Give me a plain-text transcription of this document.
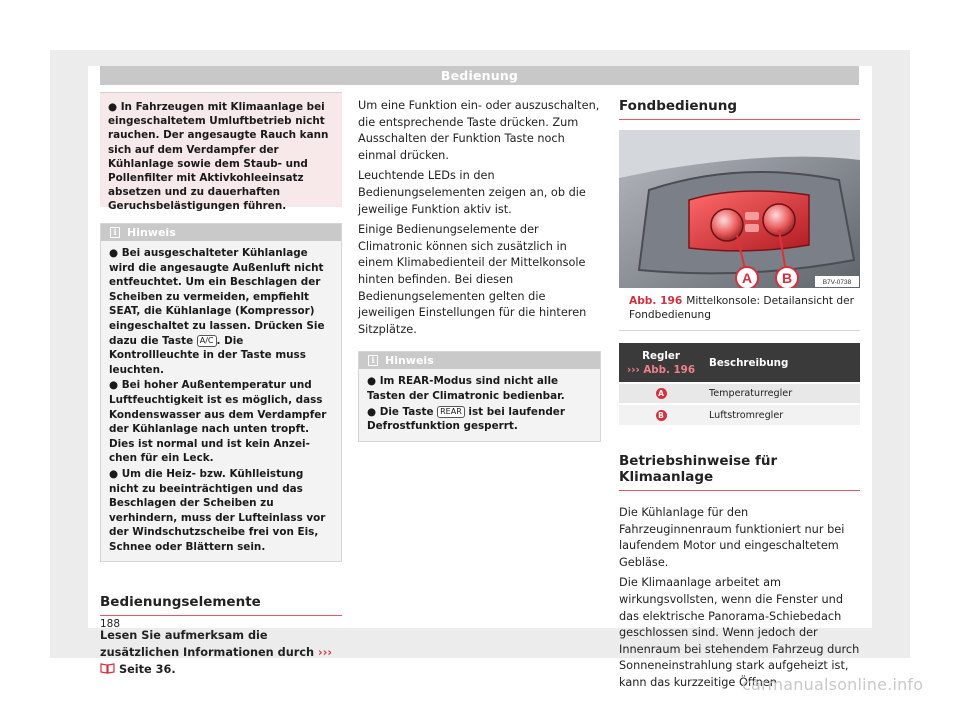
Bedienung
● In Fahrzeugen mit Klimaanlage bei eingeschaltetem Umluftbetrieb nicht rauchen. Der angesaugte Rauch kann sich auf dem Verdampfer der Kühlanlage sowie dem Staub- und Pollenfilter mit Aktivkohleeinsatz absetzen und zu dauerhaften Geruchsbelästigungen führen.
i Hinweis

● Bei ausgeschalteter Kühlanlage wird die angesaugte Außenluft nicht entfeuchtet. Um ein Beschlagen der Scheiben zu vermeiden, empfiehlt SEAT, die Kühlanlage (Kompressor) eingeschaltet zu lassen. Drücken Sie dazu die Taste A/C . Die Kontrollleuchte in der Taste muss leuchten.

● Bei hoher Außentemperatur und Luftfeuchtigkeit ist es möglich, dass Kondenswasser aus dem Verdampfer der Kühlanlage nach unten tropft. Dies ist normal und ist kein Anzeichen für ein Leck.

● Um die Heiz- bzw. Kühlleistung nicht zu beeinträchtigen und das Beschlagen der Scheiben zu verhindern, muss der Lufteinlass vor der Windschutzscheibe frei von Eis, Schnee oder Blättern sein.

Bedienungselemente
Lesen Sie aufmerksam die zusätzlichen Informationen durch ›››  Seite 36.

Um eine Funktion ein- oder auszuschalten, die entsprechende Taste drücken. Zum Ausschalten der Funktion Taste noch einmal drücken.

Leuchtende LEDs in den Bedienungselementen zeigen an, ob die jeweilige Funktion aktiv ist.

Einige Bedienungselemente der Climatronic können sich zusätzlich in einem Klimabedienteil der Mittelkonsole hinten befinden. Bei diesen Bedienungselementen gelten die jeweiligen Einstellungen für die hinteren Sitzplätze.

i Hinweis

● Im REAR-Modus sind nicht alle Tasten der Climatronic bedienbar.

● Die Taste REAR ist bei laufender Defrostfunktion gesperrt.

Fondbedienung
A B	B7V-0738
Abb. 196 Mittelkonsole: Detailansicht der Fondbedienung
Regler
››› Abb. 196	Beschreibung
A	Temperaturregler
B	Luftstromregler
Betriebshinweise für Klimaanlage

Die Kühlanlage für den Fahrzeuginnenraum funktioniert nur bei laufendem Motor und eingeschaltetem Gebläse.

Die Klimaanlage arbeitet am wirkungsvollsten, wenn die Fenster und das elektrische Panorama-Schiebedach geschlossen sind. Wenn jedoch der Innenraum bei stehendem Fahrzeug durch Sonneneinstrahlung stark aufgeheizt ist, kann das kurzzeitige Öffnen

188
carmanualsonline.info
